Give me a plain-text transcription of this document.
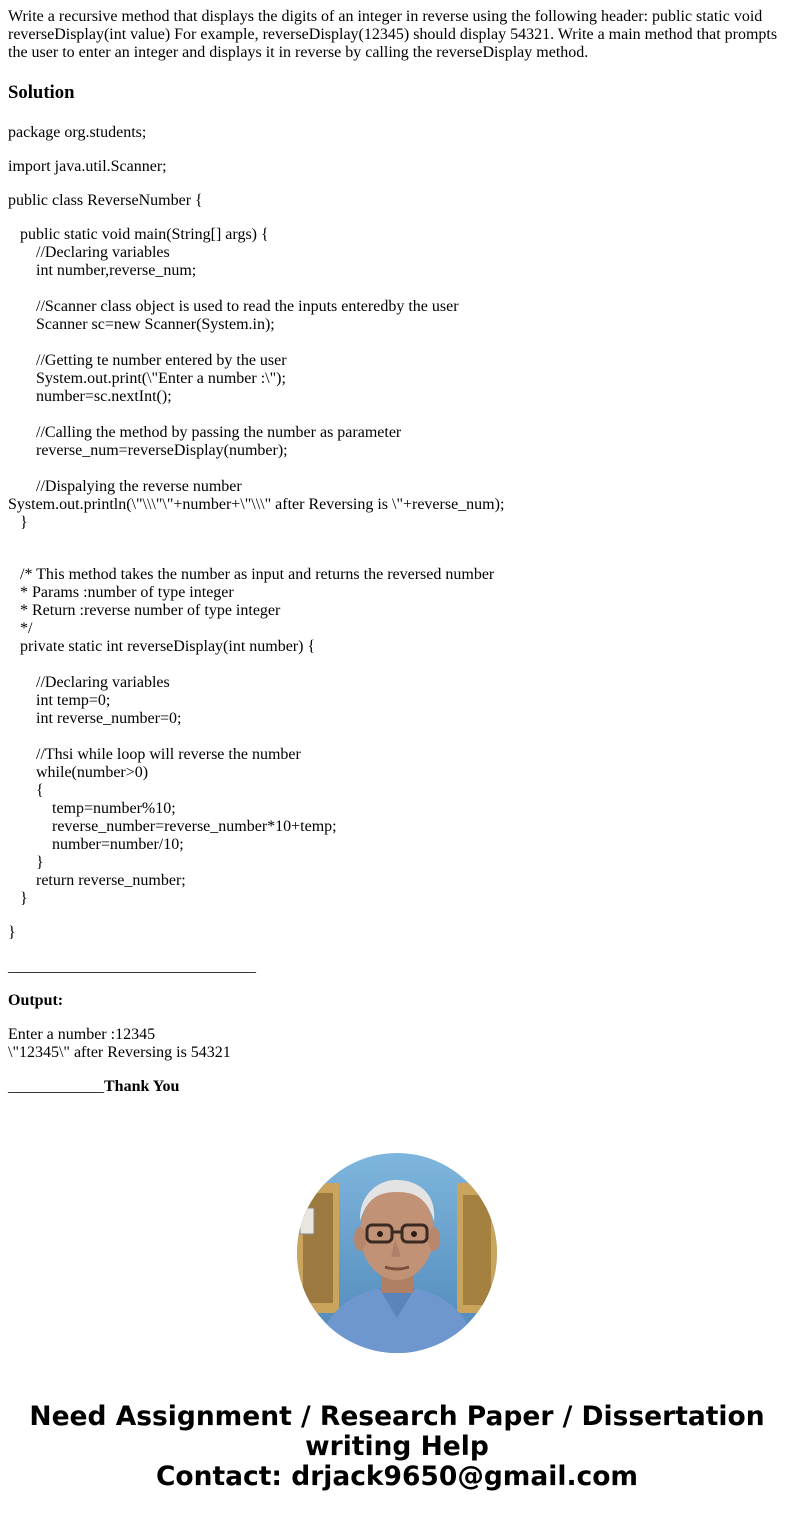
Write a recursive method that displays the digits of an integer in reverse using the following header: public static void reverseDisplay(int value) For example, reverseDisplay(12345) should display 54321. Write a main method that prompts the user to enter an integer and displays it in reverse by calling the reverseDisplay method.

Solution

package org.students;

import java.util.Scanner;

public class ReverseNumber {

public static void main(String[] args) {
//Declaring variables
int number,reverse_num;
//Scanner class object is used to read the inputs enteredby the user
Scanner sc=new Scanner(System.in);
//Getting te number entered by the user
System.out.print(\"Enter a number :\");
number=sc.nextInt();
//Calling the method by passing the number as parameter
reverse_num=reverseDisplay(number);
//Dispalying the reverse number
System.out.println(\"\\\"\"+number+\"\\\" after Reversing is \"+reverse_num);
}

/* This method takes the number as input and returns the reversed number
* Params :number of type integer
* Return :reverse number of type integer
*/
private static int reverseDisplay(int number) {
//Declaring variables
int temp=0;
int reverse_number=0;
//Thsi while loop will reverse the number
while(number>0)
{
temp=number%10;
reverse_number=reverse_number*10+temp;
number=number/10;
}
return reverse_number;
}

}

_______________________________

Output:

Enter a number :12345
\"12345\" after Reversing is 54321

____________Thank You

Need Assignment / Research Paper / Dissertation
writing Help
Contact: drjack9650@gmail.com
